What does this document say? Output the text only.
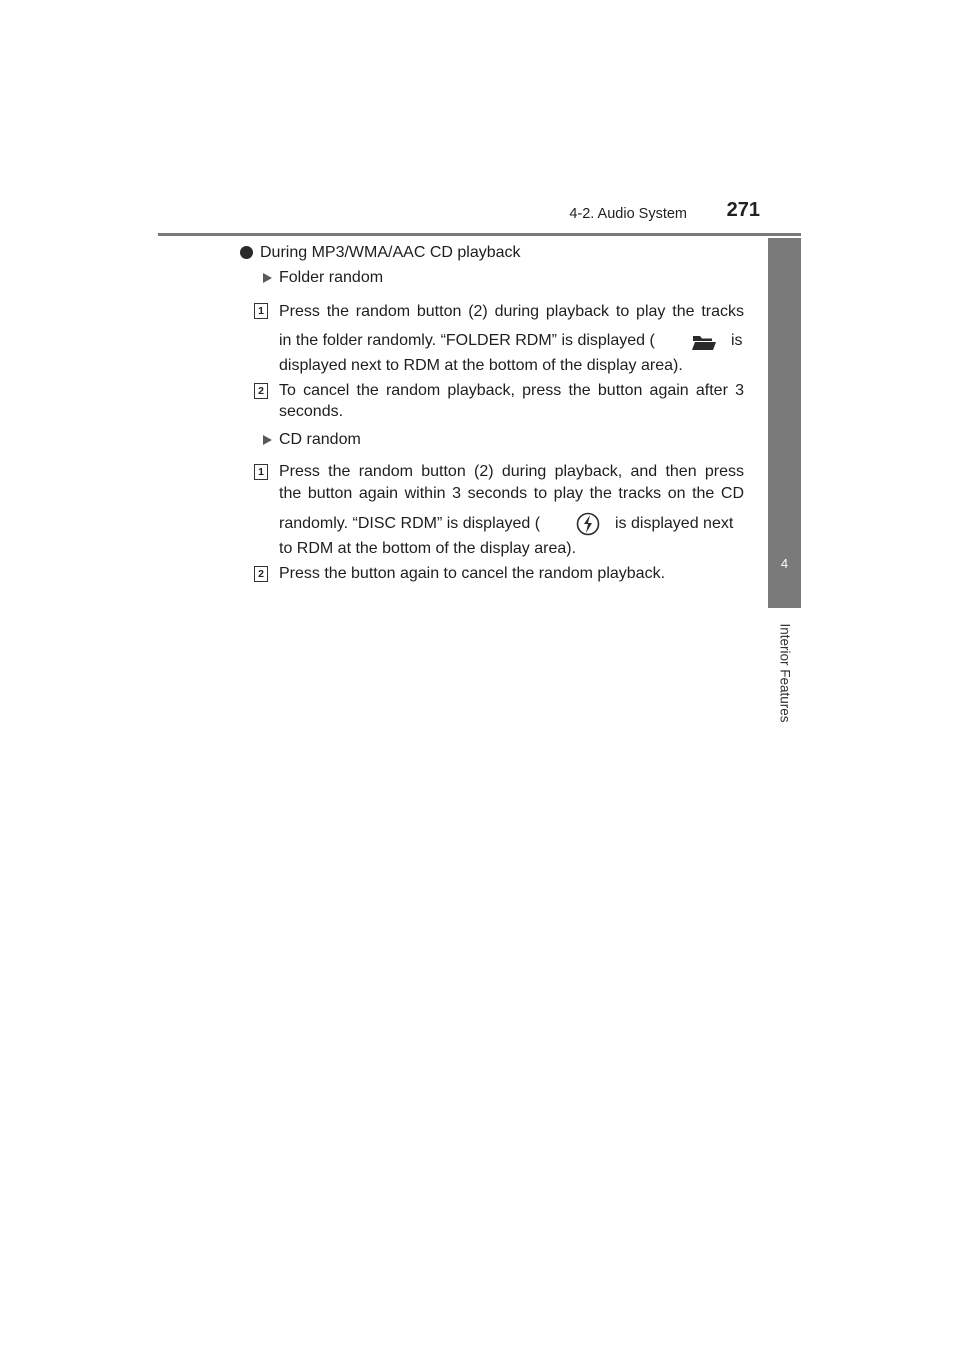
4-2. Audio System	271
4
Interior Features
During MP3/WMA/AAC CD playback
Folder random
1 Press the random button (2) during playback to play the tracks
in the folder randomly. “FOLDER RDM” is displayed (	is
displayed next to RDM at the bottom of the display area).
2 To cancel the random playback, press the button again after 3
seconds.
CD random
1 Press the random button (2) during playback, and then press
the button again within 3 seconds to play the tracks on the CD
randomly. “DISC RDM” is displayed (	is displayed next
to RDM at the bottom of the display area).
2 Press the button again to cancel the random playback.
